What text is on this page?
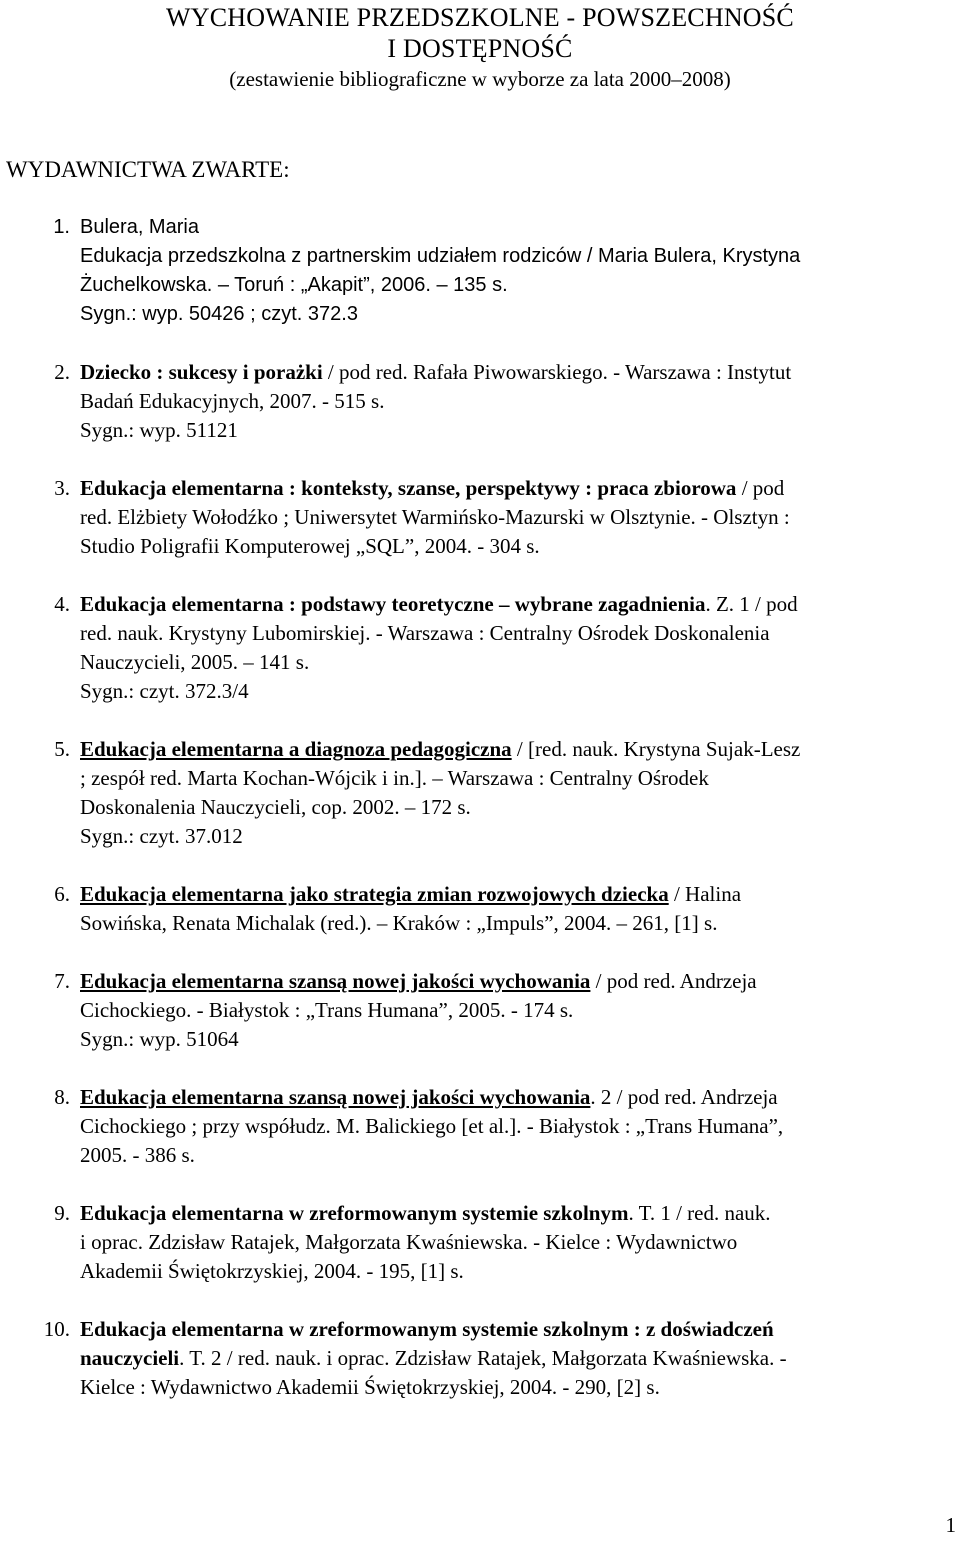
WYCHOWANIE PRZEDSZKOLNE - POWSZECHNOŚĆ
I DOSTĘPNOŚĆ
(zestawienie bibliograficzne w wyborze za lata 2000–2008)
WYDAWNICTWA ZWARTE:
1. Bulera, Maria
Edukacja przedszkolna z partnerskim udziałem rodziców / Maria Bulera, Krystyna
Żuchelkowska. – Toruń : „Akapit”, 2006. – 135 s.
Sygn.: wyp. 50426 ; czyt. 372.3
2. Dziecko : sukcesy i porażki / pod red. Rafała Piwowarskiego. - Warszawa : Instytut
Badań Edukacyjnych, 2007. - 515 s.
Sygn.: wyp. 51121
3. Edukacja elementarna : konteksty, szanse, perspektywy : praca zbiorowa / pod
red. Elżbiety Wołodźko ; Uniwersytet Warmińsko-Mazurski w Olsztynie. - Olsztyn :
Studio Poligrafii Komputerowej „SQL”, 2004. - 304 s.
4. Edukacja elementarna : podstawy teoretyczne – wybrane zagadnienia. Z. 1 / pod
red. nauk. Krystyny Lubomirskiej. - Warszawa : Centralny Ośrodek Doskonalenia
Nauczycieli, 2005. – 141 s.
Sygn.: czyt. 372.3/4
5. Edukacja elementarna a diagnoza pedagogiczna / [red. nauk. Krystyna Sujak-Lesz
; zespół red. Marta Kochan-Wójcik i in.]. – Warszawa : Centralny Ośrodek
Doskonalenia Nauczycieli, cop. 2002. – 172 s.
Sygn.: czyt. 37.012
6. Edukacja elementarna jako strategia zmian rozwojowych dziecka / Halina
Sowińska, Renata Michalak (red.). – Kraków : „Impuls”, 2004. – 261, [1] s.
7. Edukacja elementarna szansą nowej jakości wychowania / pod red. Andrzeja
Cichockiego. - Białystok : „Trans Humana”, 2005. - 174 s.
Sygn.: wyp. 51064
8. Edukacja elementarna szansą nowej jakości wychowania. 2 / pod red. Andrzeja
Cichockiego ; przy współudz. M. Balickiego [et al.]. - Białystok : „Trans Humana”,
2005. - 386 s.
9. Edukacja elementarna w zreformowanym systemie szkolnym. T. 1 / red. nauk.
i oprac. Zdzisław Ratajek, Małgorzata Kwaśniewska. - Kielce : Wydawnictwo
Akademii Świętokrzyskiej, 2004. - 195, [1] s.
10. Edukacja elementarna w zreformowanym systemie szkolnym : z doświadczeń
nauczycieli. T. 2 / red. nauk. i oprac. Zdzisław Ratajek, Małgorzata Kwaśniewska. -
Kielce : Wydawnictwo Akademii Świętokrzyskiej, 2004. - 290, [2] s.
1
